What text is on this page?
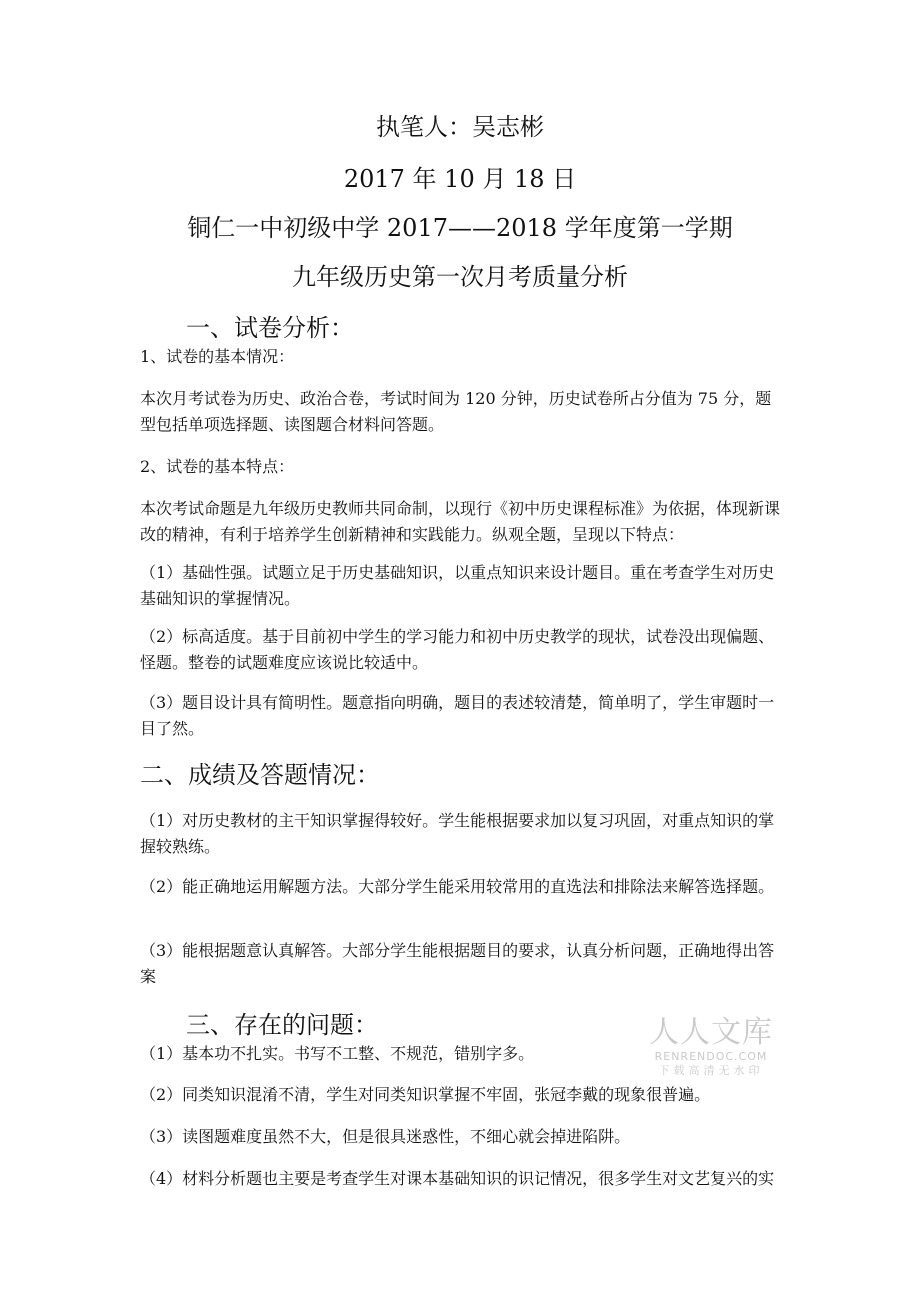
执笔人：吴志彬
2017 年 10 月 18 日
铜仁一中初级中学 2017——2018 学年度第一学期
九年级历史第一次月考质量分析
一、试卷分析：
1、试卷的基本情况：
本次月考试卷为历史、政治合卷，考试时间为 120 分钟，历史试卷所占分值为 75 分，题型包括单项选择题、读图题合材料问答题。
2、试卷的基本特点：
本次考试命题是九年级历史教师共同命制，以现行《初中历史课程标准》为依据，体现新课改的精神，有利于培养学生创新精神和实践能力。纵观全题，呈现以下特点：
（1）基础性强。试题立足于历史基础知识，以重点知识来设计题目。重在考查学生对历史基础知识的掌握情况。
（2）标高适度。基于目前初中学生的学习能力和初中历史教学的现状，试卷没出现偏题、怪题。整卷的试题难度应该说比较适中。
（3）题目设计具有简明性。题意指向明确，题目的表述较清楚，简单明了，学生审题时一目了然。
二、成绩及答题情况：
（1）对历史教材的主干知识掌握得较好。学生能根据要求加以复习巩固，对重点知识的掌握较熟练。
（2）能正确地运用解题方法。大部分学生能采用较常用的直选法和排除法来解答选择题。
（3）能根据题意认真解答。大部分学生能根据题目的要求，认真分析问题，正确地得出答案
三、存在的问题：
（1）基本功不扎实。书写不工整、不规范，错别字多。
（2）同类知识混淆不清，学生对同类知识掌握不牢固，张冠李戴的现象很普遍。
（3）读图题难度虽然不大，但是很具迷惑性，不细心就会掉进陷阱。
（4）材料分析题也主要是考查学生对课本基础知识的识记情况，很多学生对文艺复兴的实
人人文库
RENRENDOC.COM
下载高清无水印
